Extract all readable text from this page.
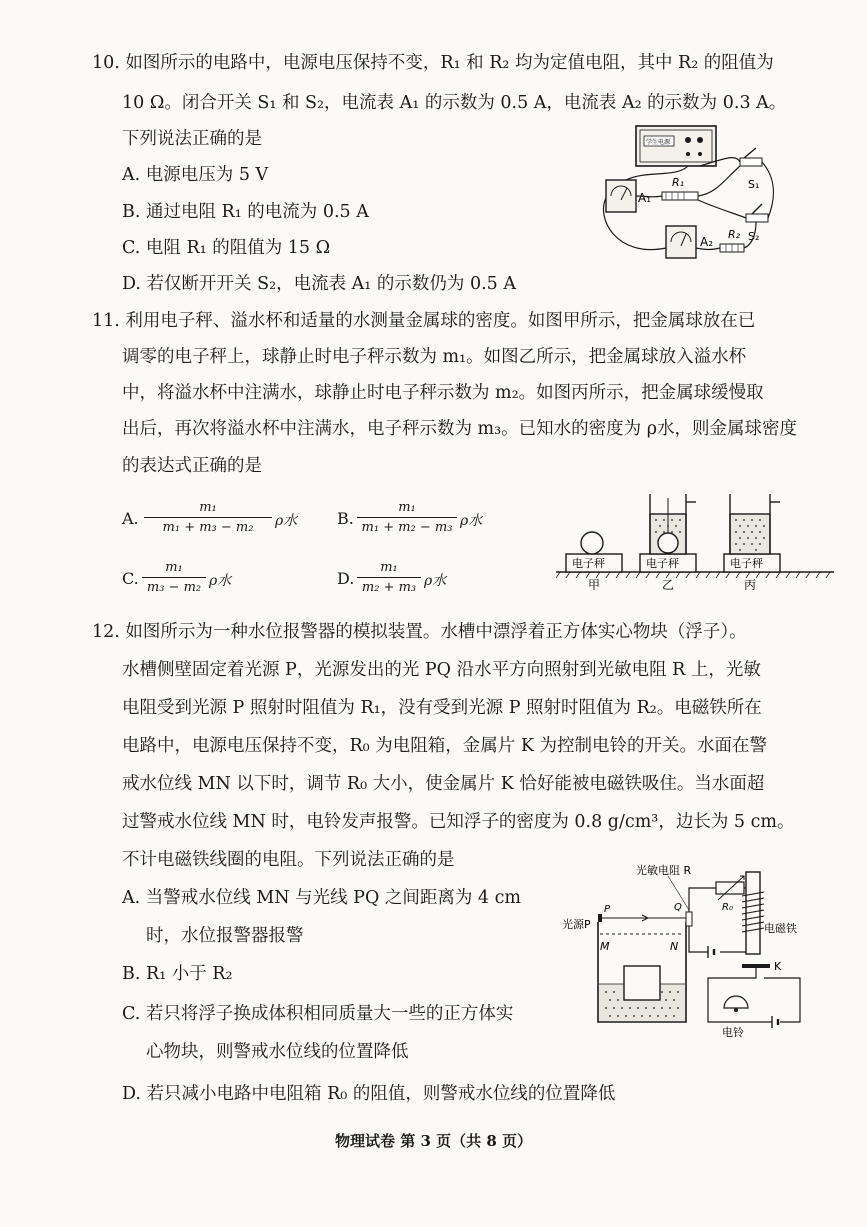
10. 如图所示的电路中，电源电压保持不变，R₁ 和 R₂ 均为定值电阻，其中 R₂ 的阻值为
10 Ω。闭合开关 S₁ 和 S₂，电流表 A₁ 的示数为 0.5 A，电流表 A₂ 的示数为 0.3 A。
下列说法正确的是
A. 电源电压为 5 V
B. 通过电阻 R₁ 的电流为 0.5 A
C. 电阻 R₁ 的阻值为 15 Ω
D. 若仅断开开关 S₂，电流表 A₁ 的示数仍为 0.5 A
学生电源
A₁
R₁	S₁
S₂
A₂
R₂
11. 利用电子秤、溢水杯和适量的水测量金属球的密度。如图甲所示，把金属球放在已
调零的电子秤上，球静止时电子秤示数为 m₁。如图乙所示，把金属球放入溢水杯
中，将溢水杯中注满水，球静止时电子秤示数为 m₂。如图丙所示，把金属球缓慢取
出后，再次将溢水杯中注满水，电子秤示数为 m₃。已知水的密度为 ρ水，则金属球密度
的表达式正确的是
A.
m₁
m₁ + m₃ − m₂	ρ水 B.
m₁
m₁ + m₂ − m₃ ρ水
C.
m₁
m₃ − m₂ ρ水	D.
m₁
m₂ + m₃ ρ水
电子秤
甲
电子秤
乙
电子秤
丙
12. 如图所示为一种水位报警器的模拟装置。水槽中漂浮着正方体实心物块（浮子）。
水槽侧壁固定着光源 P，光源发出的光 PQ 沿水平方向照射到光敏电阻 R 上，光敏
电阻受到光源 P 照射时阻值为 R₁，没有受到光源 P 照射时阻值为 R₂。电磁铁所在
电路中，电源电压保持不变，R₀ 为电阻箱，金属片 K 为控制电铃的开关。水面在警
戒水位线 MN 以下时，调节 R₀ 大小，使金属片 K 恰好能被电磁铁吸住。当水面超
过警戒水位线 MN 时，电铃发声报警。已知浮子的密度为 0.8 g/cm³，边长为 5 cm。
不计电磁铁线圈的电阻。下列说法正确的是
A. 当警戒水位线 MN 与光线 PQ 之间距离为 4 cm
时，水位报警器报警
B. R₁ 小于 R₂
C. 若只将浮子换成体积相同质量大一些的正方体实
心物块，则警戒水位线的位置降低
D. 若只减小电路中电阻箱 R₀ 的阻值，则警戒水位线的位置降低
光敏电阻 R
光源P
M	N
P	Q	R₀
电磁铁
K
电铃
物理试卷 第 3 页（共 8 页）
